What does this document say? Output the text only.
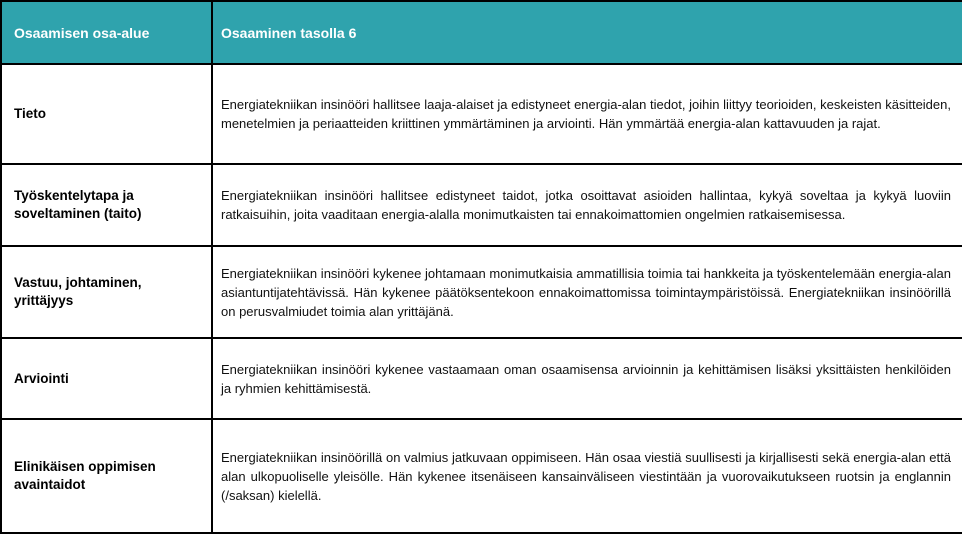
Osaamisen osa-alue	Osaaminen tasolla 6
Tieto	Energiatekniikan insinööri hallitsee laaja-alaiset ja edistyneet energia-alan tiedot, joihin liittyy teorioiden, keskeisten käsitteiden, menetelmien ja periaatteiden kriittinen ymmärtäminen ja arviointi. Hän ymmärtää energia-alan kattavuuden ja rajat.
Työskentelytapa ja soveltaminen (taito)	Energiatekniikan insinööri hallitsee edistyneet taidot, jotka osoittavat asioiden hallintaa, kykyä soveltaa ja kykyä luoviin ratkaisuihin, joita vaaditaan energia-alalla monimutkaisten tai ennakoimattomien ongelmien ratkaisemisessa.
Vastuu, johtaminen, yrittäjyys	Energiatekniikan insinööri kykenee johtamaan monimutkaisia ammatillisia toimia tai hankkeita ja työskentelemään energia-alan asiantuntijatehtävissä. Hän kykenee päätöksentekoon ennakoimattomissa toimintaympäristöissä. Energiatekniikan insinöörillä on perusvalmiudet toimia alan yrittäjänä.
Arviointi	Energiatekniikan insinööri kykenee vastaamaan oman osaamisensa arvioinnin ja kehittämisen lisäksi yksittäisten henkilöiden ja ryhmien kehittämisestä.
Elinikäisen oppimisen avaintaidot	Energiatekniikan insinöörillä on valmius jatkuvaan oppimiseen. Hän osaa viestiä suullisesti ja kirjallisesti sekä energia-alan että alan ulkopuoliselle yleisölle. Hän kykenee itsenäiseen kansainväliseen viestintään ja vuorovaikutukseen ruotsin ja englannin (/saksan) kielellä.
